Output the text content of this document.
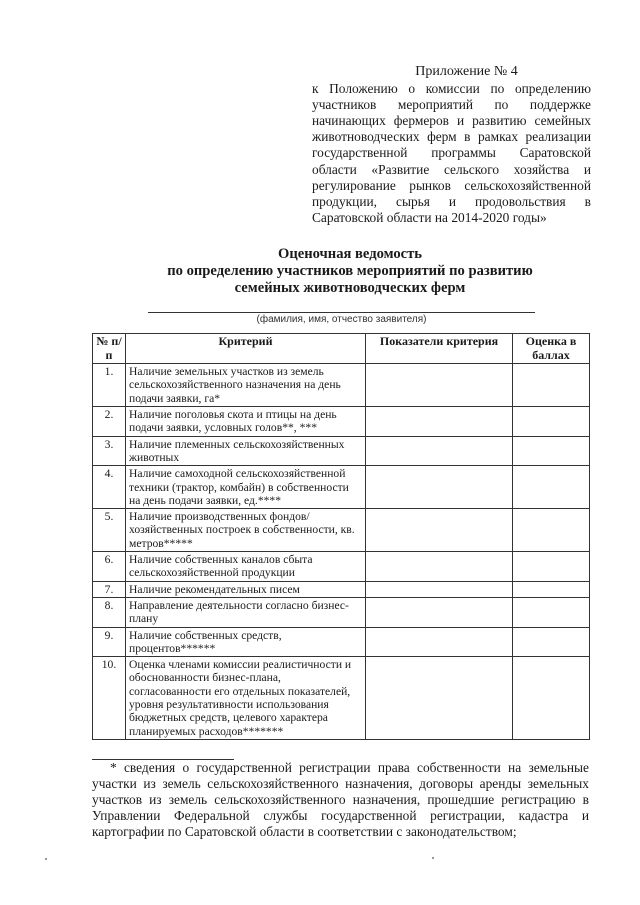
Приложение № 4
к Положению о комиссии по определению участников мероприятий по поддержке начинающих фермеров и развитию семейных животноводческих ферм в рамках реализации государственной программы Саратовской области «Развитие сельского хозяйства и регулирование рынков сельскохозяйственной продукции, сырья и продовольствия в Саратовской области на 2014-2020 годы»
Оценочная ведомость
по определению участников мероприятий по развитию
семейных животноводческих ферм
(фамилия, имя, отчество заявителя)
№ п/п	Критерий	Показатели критерия	Оценка в баллах
1.	Наличие земельных участков из земель сельскохозяйственного назначения на день подачи заявки, га*		
2.	Наличие поголовья скота и птицы на день подачи заявки, условных голов**, ***		
3.	Наличие племенных сельскохозяйственных животных		
4.	Наличие самоходной сельскохозяйственной техники (трактор, комбайн) в собственности на день подачи заявки, ед.****		
5.	Наличие производственных фондов/ хозяйственных построек в собственности, кв. метров*****		
6.	Наличие собственных каналов сбыта сельскохозяйственной продукции		
7.	Наличие рекомендательных писем		
8.	Направление деятельности согласно бизнес-плану		
9.	Наличие собственных средств, процентов******		
10.	Оценка членами комиссии реалистичности и обоснованности бизнес-плана, согласованности его отдельных показателей, уровня результативности использования бюджетных средств, целевого характера планируемых расходов*******		
* сведения о государственной регистрации права собственности на земельные участки из земель сельскохозяйственного назначения, договоры аренды земельных участков из земель сельскохозяйственного назначения, прошедшие регистрацию в Управлении Федеральной службы государственной регистрации, кадастра и картографии по Саратовской области в соответствии с законодательством;
